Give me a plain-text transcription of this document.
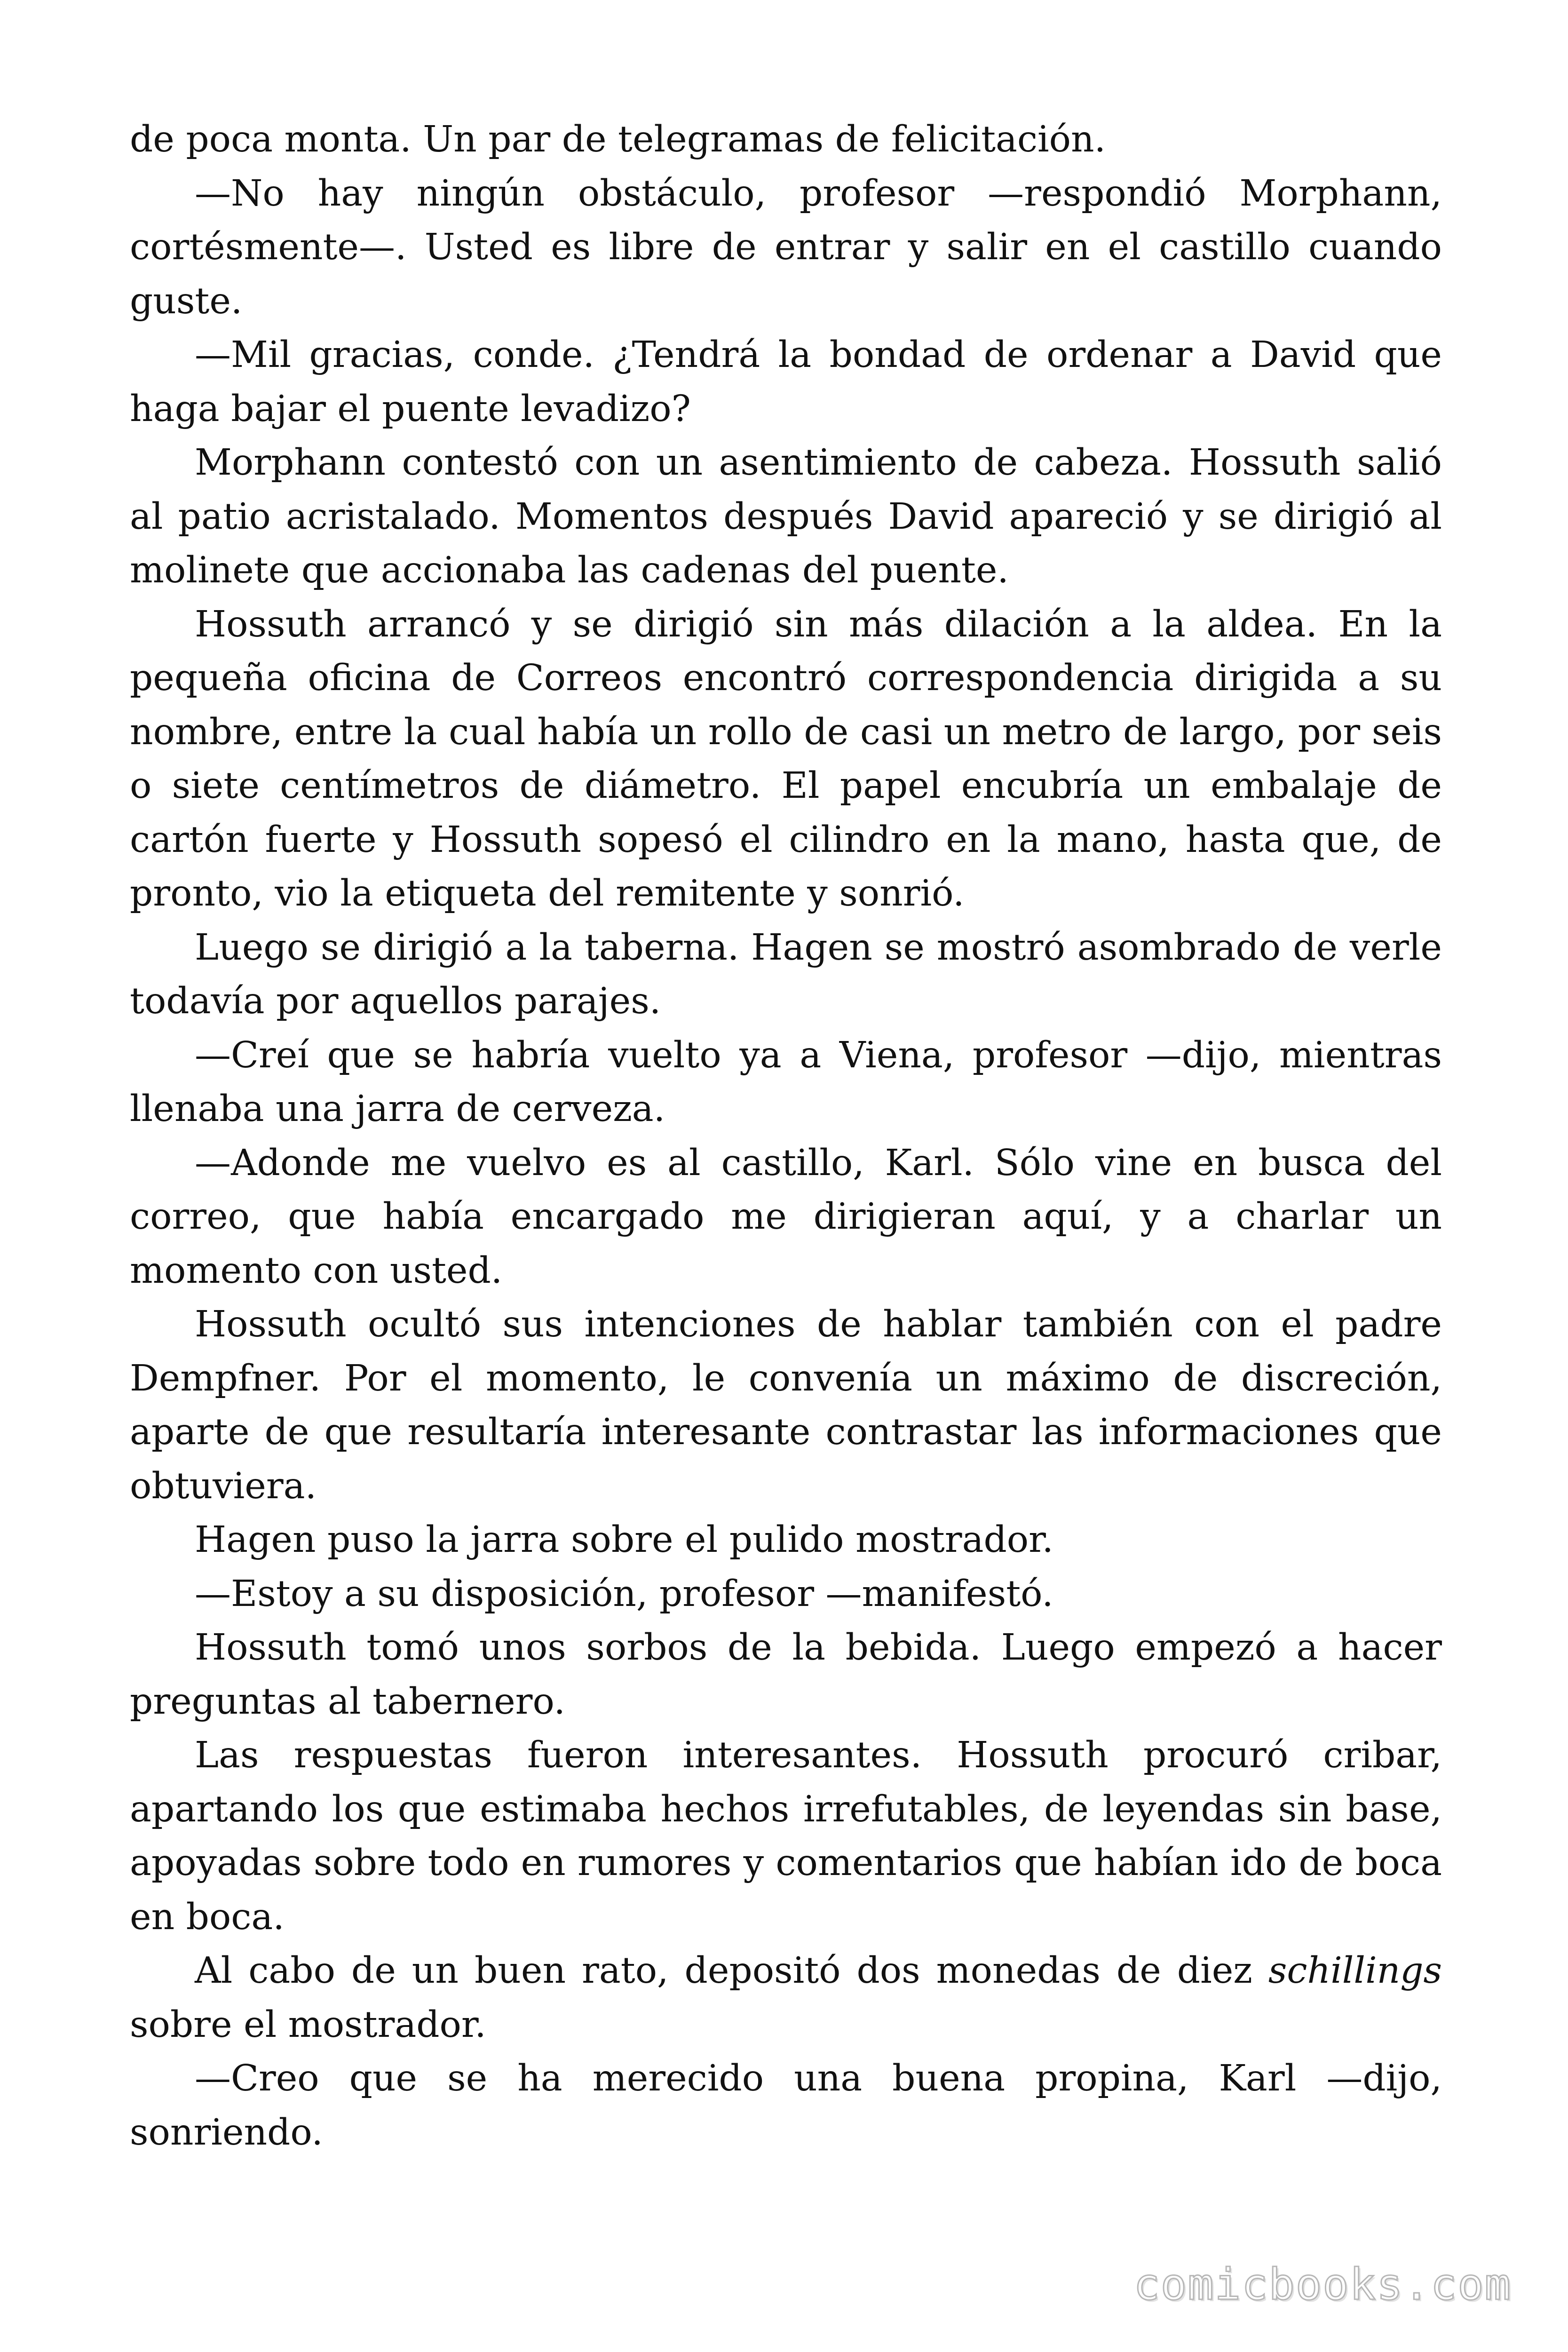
de poca monta. Un par de telegramas de felicitación.

—No hay ningún obstáculo, profesor —respondió Morphann, cortésmente—. Usted es libre de entrar y salir en el castillo cuando guste.

—Mil gracias, conde. ¿Tendrá la bondad de ordenar a David que haga bajar el puente levadizo?

Morphann contestó con un asentimiento de cabeza. Hossuth salió al patio acristalado. Momentos después David apareció y se dirigió al molinete que accionaba las cadenas del puente.

Hossuth arrancó y se dirigió sin más dilación a la aldea. En la pequeña oficina de Correos encontró correspondencia dirigida a su nombre, entre la cual había un rollo de casi un metro de largo, por seis o siete centímetros de diámetro. El papel encubría un embalaje de cartón fuerte y Hossuth sopesó el cilindro en la mano, hasta que, de pronto, vio la etiqueta del remitente y sonrió.

Luego se dirigió a la taberna. Hagen se mostró asombrado de verle todavía por aquellos parajes.

—Creí que se habría vuelto ya a Viena, profesor —dijo, mientras llenaba una jarra de cerveza.

—Adonde me vuelvo es al castillo, Karl. Sólo vine en busca del correo, que había encargado me dirigieran aquí, y a charlar un momento con usted.

Hossuth ocultó sus intenciones de hablar también con el padre Dempfner. Por el momento, le convenía un máximo de discreción, aparte de que resultaría interesante contrastar las informaciones que obtuviera.

Hagen puso la jarra sobre el pulido mostrador.

—Estoy a su disposición, profesor —manifestó.

Hossuth tomó unos sorbos de la bebida. Luego empezó a hacer preguntas al tabernero.

Las respuestas fueron interesantes. Hossuth procuró cribar, apartando los que estimaba hechos irrefutables, de leyendas sin base, apoyadas sobre todo en rumores y comentarios que habían ido de boca en boca.

Al cabo de un buen rato, depositó dos monedas de diez schillings sobre el mostrador.

—Creo que se ha merecido una buena propina, Karl —dijo, sonriendo.

comicbooks.com
